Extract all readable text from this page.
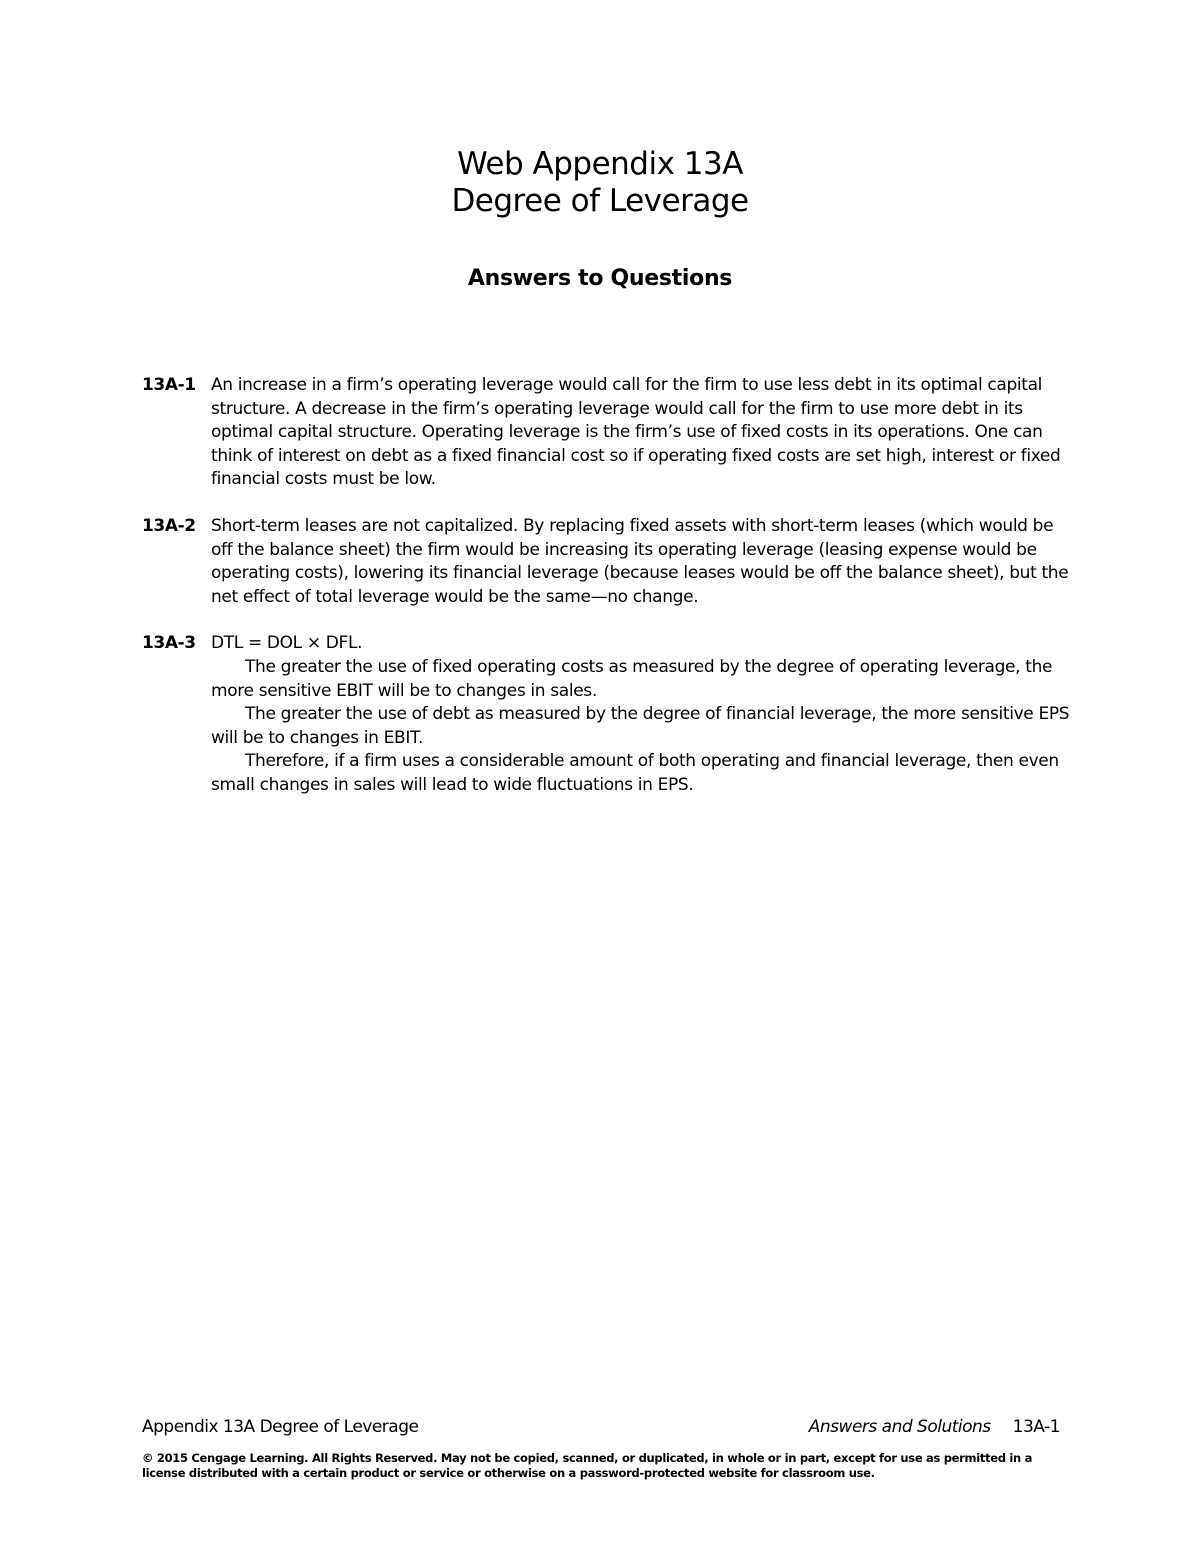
Web Appendix 13A
Degree of Leverage
Answers to Questions
13A-1 An increase in a firm’s operating leverage would call for the firm to use less debt in its optimal capital structure. A decrease in the firm’s operating leverage would call for the firm to use more debt in its optimal capital structure. Operating leverage is the firm’s use of fixed costs in its operations. One can think of interest on debt as a fixed financial cost so if operating fixed costs are set high, interest or fixed financial costs must be low.

13A-2 Short-term leases are not capitalized. By replacing fixed assets with short-term leases (which would be off the balance sheet) the firm would be increasing its operating leverage (leasing expense would be operating costs), lowering its financial leverage (because leases would be off the balance sheet), but the net effect of total leverage would be the same—no change.

13A-3 DTL = DOL × DFL.

The greater the use of fixed operating costs as measured by the degree of operating leverage, the more sensitive EBIT will be to changes in sales.

The greater the use of debt as measured by the degree of financial leverage, the more sensitive EPS will be to changes in EBIT.

Therefore, if a firm uses a considerable amount of both operating and financial leverage, then even small changes in sales will lead to wide fluctuations in EPS.

Appendix 13A Degree of Leverage	Answers and Solutions 13A-1
© 2015 Cengage Learning. All Rights Reserved. May not be copied, scanned, or duplicated, in whole or in part, except for use as permitted in a license distributed with a certain product or service or otherwise on a password-protected website for classroom use.
